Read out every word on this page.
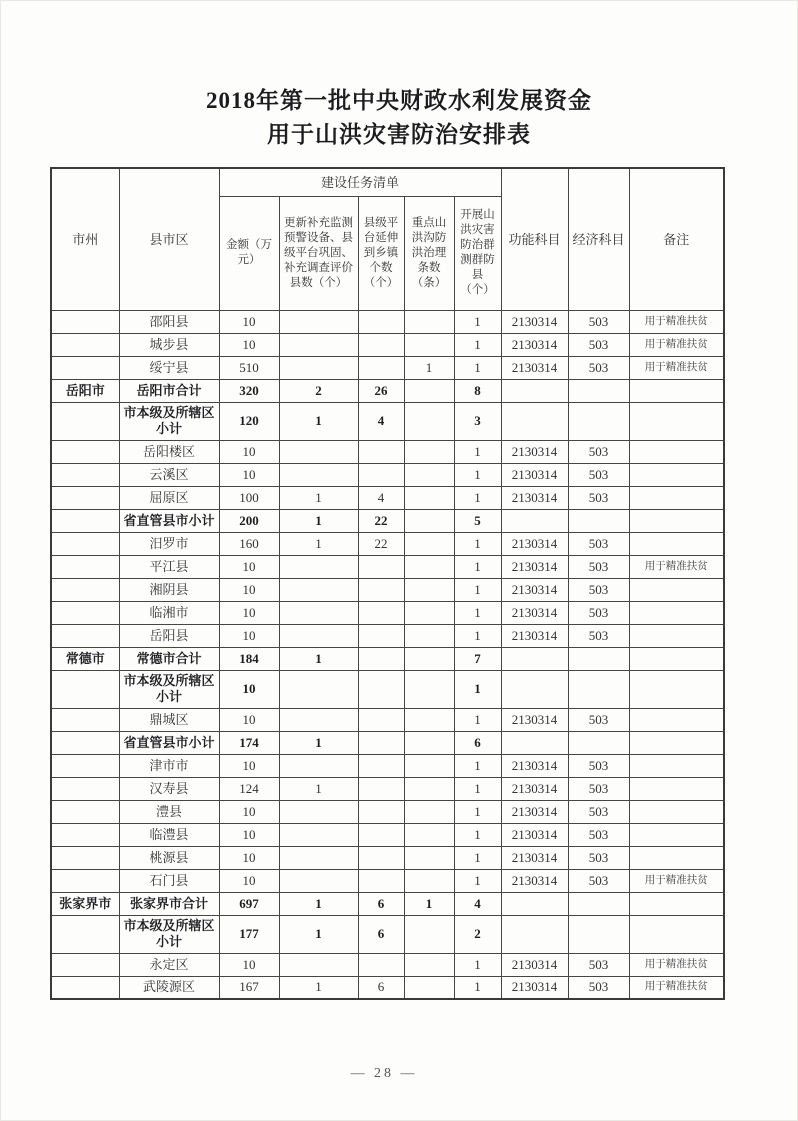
2018年第一批中央财政水利发展资金
用于山洪灾害防治安排表
市州	县市区	建设任务清单					功能科目	经济科目	备注
		金额（万元）	更新补充监测预警设备、县级平台巩固、补充调查评价县数（个）	县级平台延伸到乡镇个数（个）	重点山洪沟防洪治理条数（条）	开展山洪灾害防治群测群防县（个）			
	邵阳县	10				1	2130314	503	用于精准扶贫
	城步县	10				1	2130314	503	用于精准扶贫
	绥宁县	510			1	1	2130314	503	用于精准扶贫
岳阳市	岳阳市合计	320	2	26		8			
	市本级及所辖区小计	120	1	4		3			
	岳阳楼区	10				1	2130314	503	
	云溪区	10				1	2130314	503	
	屈原区	100	1	4		1	2130314	503	
	省直管县市小计	200	1	22		5			
	汨罗市	160	1	22		1	2130314	503	
	平江县	10				1	2130314	503	用于精准扶贫
	湘阴县	10				1	2130314	503	
	临湘市	10				1	2130314	503	
	岳阳县	10				1	2130314	503	
常德市	常德市合计	184	1			7			
	市本级及所辖区小计	10				1			
	鼎城区	10				1	2130314	503	
	省直管县市小计	174	1			6			
	津市市	10				1	2130314	503	
	汉寿县	124	1			1	2130314	503	
	澧县	10				1	2130314	503	
	临澧县	10				1	2130314	503	
	桃源县	10				1	2130314	503	
	石门县	10				1	2130314	503	用于精准扶贫
张家界市	张家界市合计	697	1	6	1	4			
	市本级及所辖区小计	177	1	6		2			
	永定区	10				1	2130314	503	用于精准扶贫
	武陵源区	167	1	6		1	2130314	503	用于精准扶贫
— 28 —
